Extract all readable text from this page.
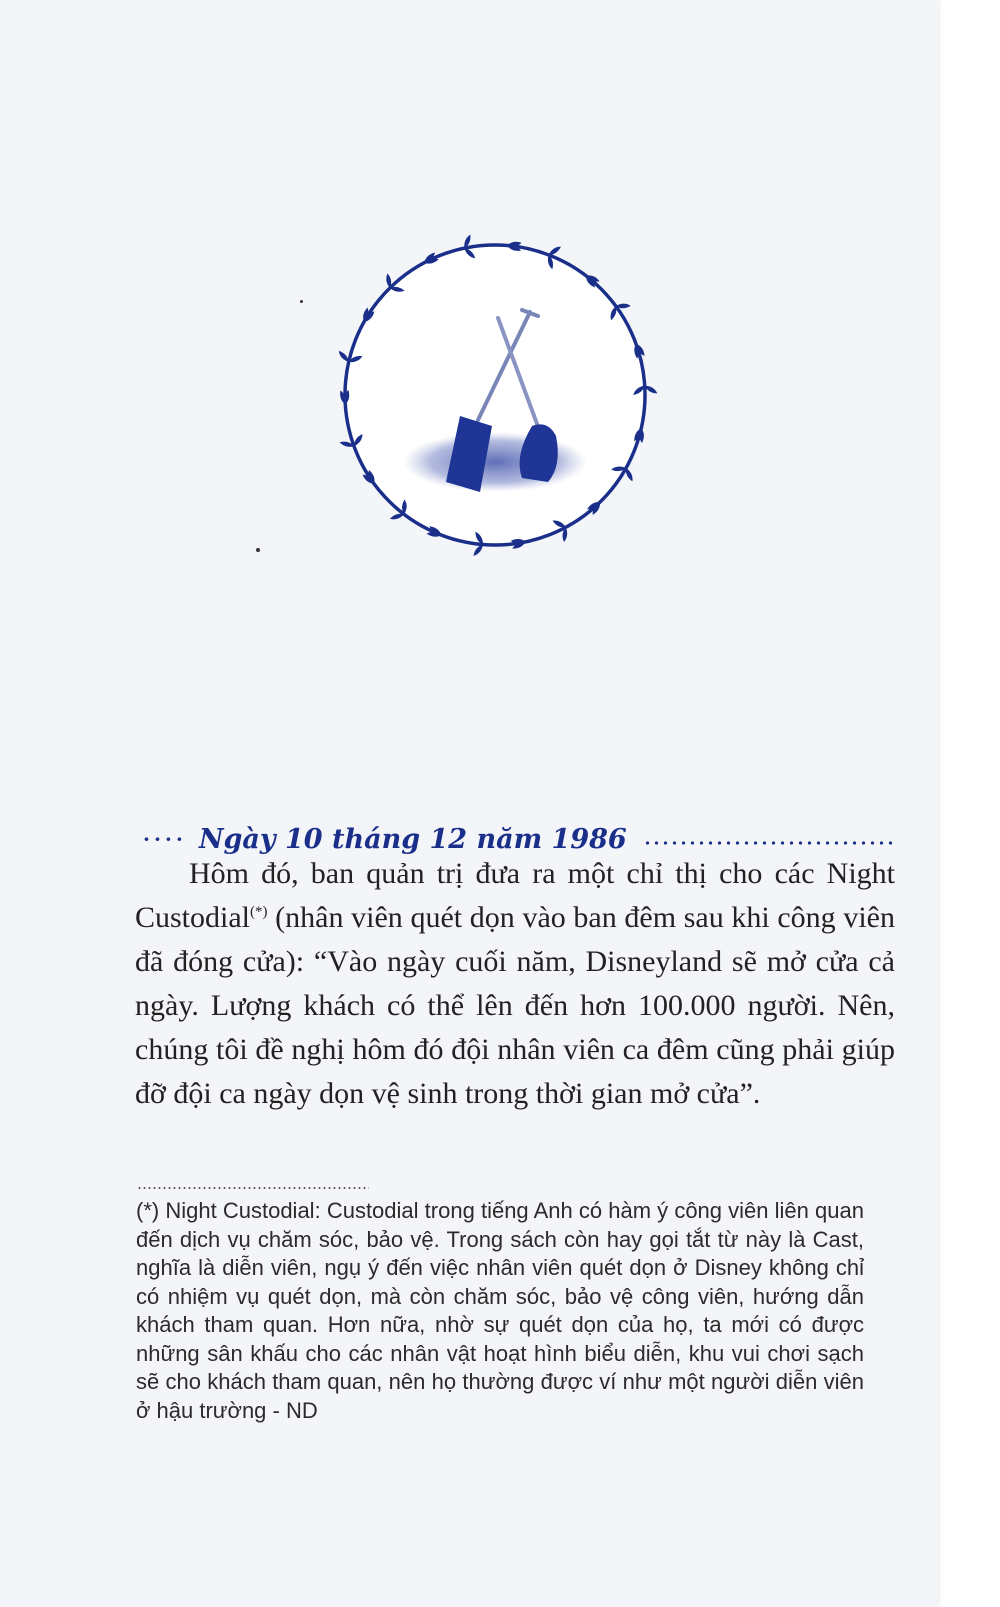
···· Ngày 10 tháng 12 năm 1986

Hôm đó, ban quản trị đưa ra một chỉ thị cho các Night Custodial(*) (nhân viên quét dọn vào ban đêm sau khi công viên đã đóng cửa): “Vào ngày cuối năm, Disneyland sẽ mở cửa cả ngày. Lượng khách có thể lên đến hơn 100.000 người. Nên, chúng tôi đề nghị hôm đó đội nhân viên ca đêm cũng phải giúp đỡ đội ca ngày dọn vệ sinh trong thời gian mở cửa”.

(*) Night Custodial: Custodial trong tiếng Anh có hàm ý công viên liên quan đến dịch vụ chăm sóc, bảo vệ. Trong sách còn hay gọi tắt từ này là Cast, nghĩa là diễn viên, ngụ ý đến việc nhân viên quét dọn ở Disney không chỉ có nhiệm vụ quét dọn, mà còn chăm sóc, bảo vệ công viên, hướng dẫn khách tham quan. Hơn nữa, nhờ sự quét dọn của họ, ta mới có được những sân khấu cho các nhân vật hoạt hình biểu diễn, khu vui chơi sạch sẽ cho khách tham quan, nên họ thường được ví như một người diễn viên ở hậu trường - ND
